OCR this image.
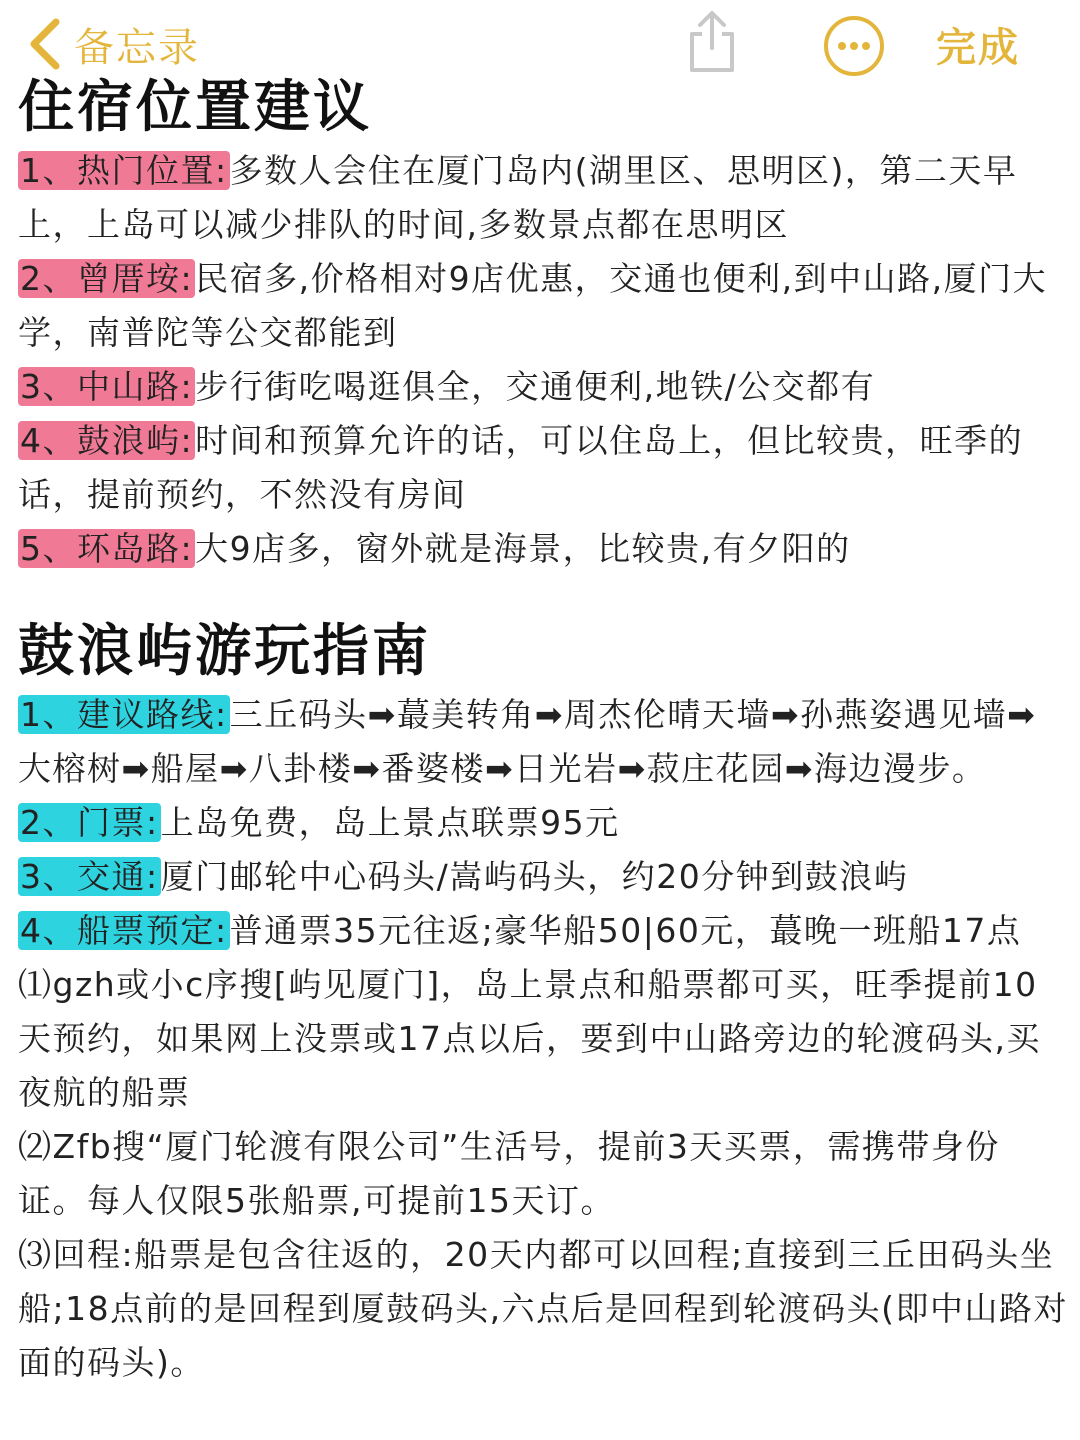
备忘录	完成
住宿位置建议

1、热门位置:多数人会住在厦门岛内(湖里区、思明区)，第二天早上，上岛可以减少排队的时间,多数景点都在思明区

2、曾厝垵:民宿多,价格相对9店优惠，交通也便利,到中山路,厦门大学，南普陀等公交都能到

3、中山路:步行街吃喝逛俱全，交通便利,地铁/公交都有

4、鼓浪屿:时间和预算允许的话，可以住岛上，但比较贵，旺季的话，提前预约，不然没有房间

5、环岛路:大9店多，窗外就是海景，比较贵,有夕阳的

鼓浪屿游玩指南

1、建议路线:三丘码头➡蕞美转角➡周杰伦晴天墙➡孙燕姿遇见墙➡大榕树➡船屋➡八卦楼➡番婆楼➡日光岩➡菽庄花园➡海边漫步。

2、门票:上岛免费，岛上景点联票95元

3、交通:厦门邮轮中心码头/嵩屿码头，约20分钟到鼓浪屿

4、船票预定:普通票35元往返;豪华船50|60元，蕞晚一班船17点

⑴gzh或小c序搜[屿见厦门]，岛上景点和船票都可买，旺季提前10天预约，如果网上没票或17点以后，要到中山路旁边的轮渡码头,买夜航的船票

⑵Zfb搜“厦门轮渡有限公司”生活号，提前3天买票，需携带身份证。每人仅限5张船票,可提前15天订。

⑶回程:船票是包含往返的，20天内都可以回程;直接到三丘田码头坐船;18点前的是回程到厦鼓码头,六点后是回程到轮渡码头(即中山路对面的码头)。
